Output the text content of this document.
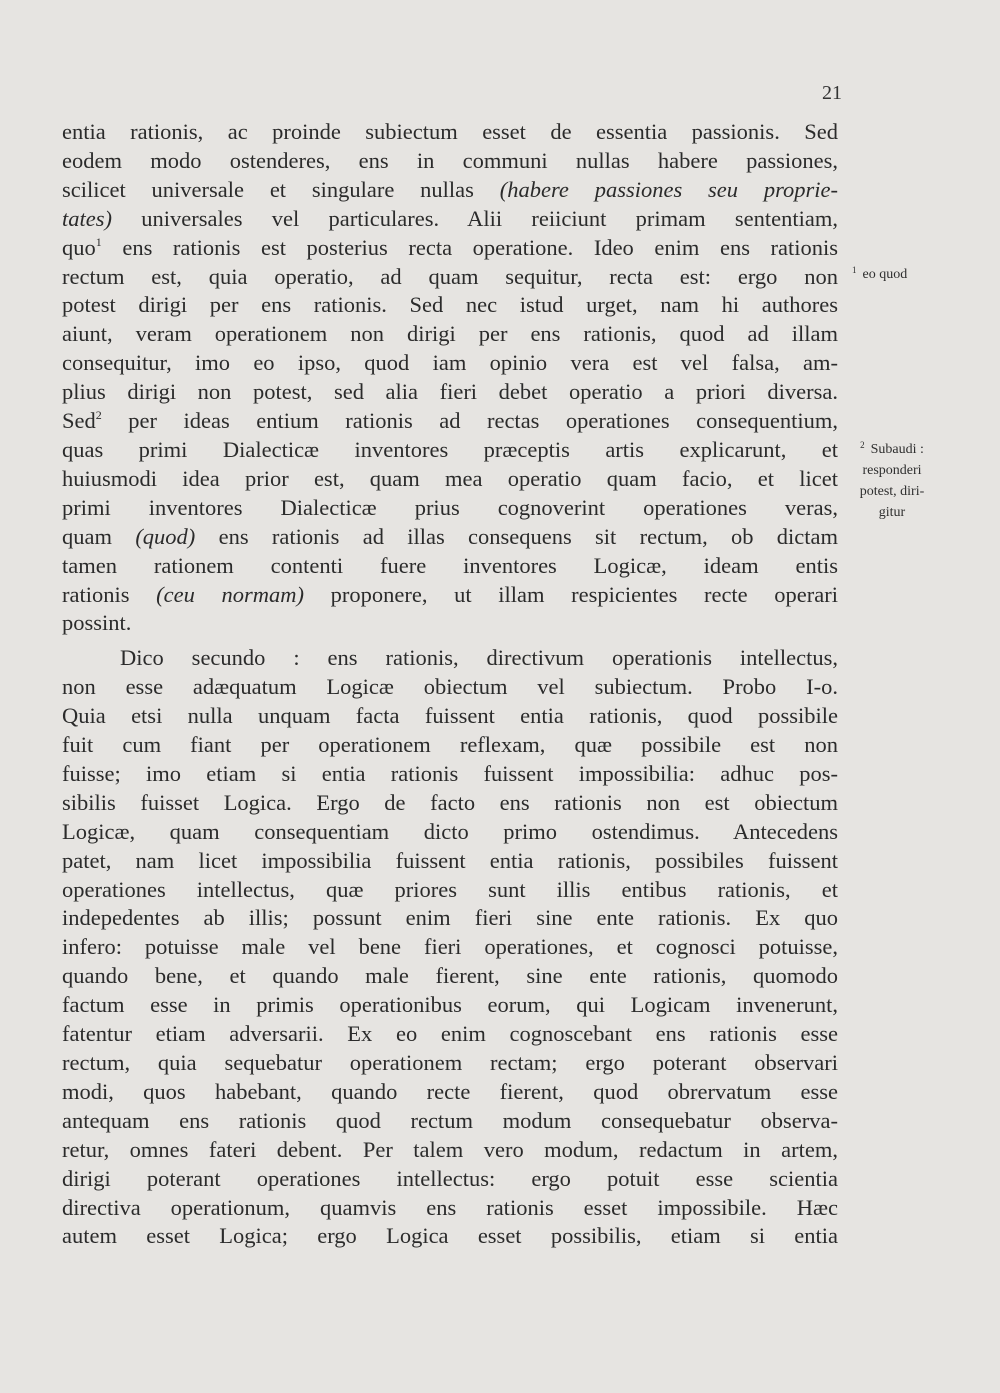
21
entia rationis, ac proinde subiectum esset de essentia passionis. Sed
eodem modo ostenderes, ens in communi nullas habere passiones,
scilicet universale et singulare nullas (habere passiones seu proprie-
tates) universales vel particulares. Alii reiiciunt primam sententiam,
quo$^1$ ens rationis est posterius recta operatione. Ideo enim ens rationis
rectum est, quia operatio, ad quam sequitur, recta est: ergo non
potest dirigi per ens rationis. Sed nec istud urget, nam hi authores
aiunt, veram operationem non dirigi per ens rationis, quod ad illam
consequitur, imo eo ipso, quod iam opinio vera est vel falsa, am-
plius dirigi non potest, sed alia fieri debet operatio a priori diversa.
Sed$^2$ per ideas entium rationis ad rectas operationes consequentium,
quas primi Dialecticæ inventores præceptis artis explicarunt, et
huiusmodi idea prior est, quam mea operatio quam facio, et licet
primi inventores Dialecticæ prius cognoverint operationes veras,
quam (quod) ens rationis ad illas consequens sit rectum, ob dictam
tamen rationem contenti fuere inventores Logicæ, ideam entis
rationis (ceu normam) proponere, ut illam respicientes recte operari
possint.
Dico secundo : ens rationis, directivum operationis intellectus,
non esse adæquatum Logicæ obiectum vel subiectum. Probo I-o.
Quia etsi nulla unquam facta fuissent entia rationis, quod possibile
fuit cum fiant per operationem reflexam, quæ possibile est non
fuisse; imo etiam si entia rationis fuissent impossibilia: adhuc pos-
sibilis fuisset Logica. Ergo de facto ens rationis non est obiectum
Logicæ, quam consequentiam dicto primo ostendimus. Antecedens
patet, nam licet impossibilia fuissent entia rationis, possibiles fuissent
operationes intellectus, quæ priores sunt illis entibus rationis, et
indepedentes ab illis; possunt enim fieri sine ente rationis. Ex quo
infero: potuisse male vel bene fieri operationes, et cognosci potuisse,
quando bene, et quando male fierent, sine ente rationis, quomodo
factum esse in primis operationibus eorum, qui Logicam invenerunt,
fatentur etiam adversarii. Ex eo enim cognoscebant ens rationis esse
rectum, quia sequebatur operationem rectam; ergo poterant observari
modi, quos habebant, quando recte fierent, quod obrervatum esse
antequam ens rationis quod rectum modum consequebatur observa-
retur, omnes fateri debent. Per talem vero modum, redactum in artem,
dirigi poterant operationes intellectus: ergo potuit esse scientia
directiva operationum, quamvis ens rationis esset impossibile. Hæc
autem esset Logica; ergo Logica esset possibilis, etiam si entia
$^1$ eo quod
$^2$ Subaudi :
responderi
potest, diri-
gitur
